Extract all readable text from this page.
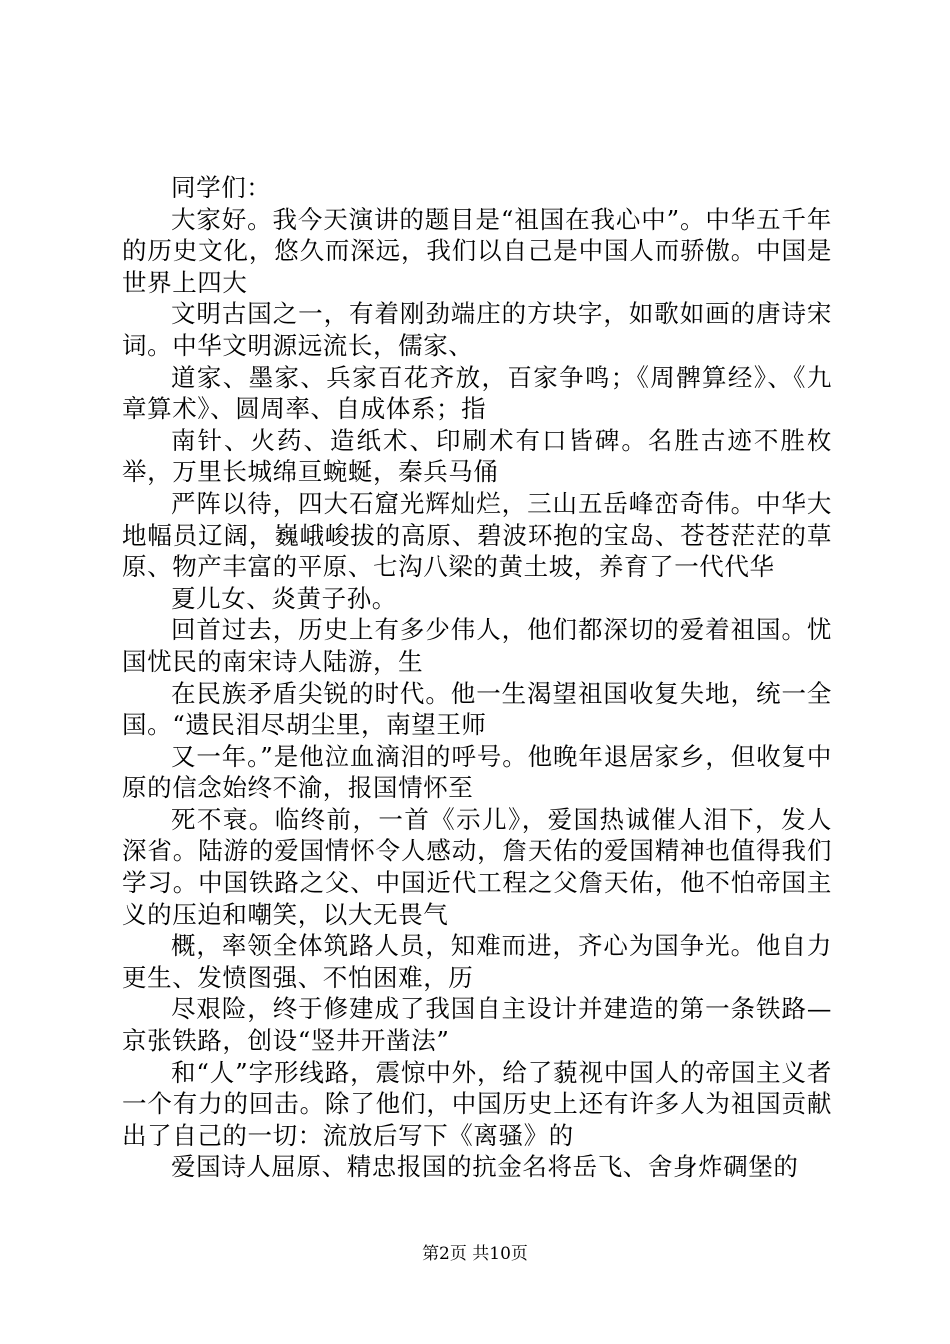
同学们：

大家好。我今天演讲的题目是“祖国在我心中”。中华五千年的历史文化，悠久而深远，我们以自己是中国人而骄傲。中国是世界上四大

文明古国之一，有着刚劲端庄的方块字，如歌如画的唐诗宋词。中华文明源远流长，儒家、

道家、墨家、兵家百花齐放，百家争鸣；《周髀算经》、《九章算术》、圆周率、自成体系；指

南针、火药、造纸术、印刷术有口皆碑。名胜古迹不胜枚举，万里长城绵亘蜿蜒，秦兵马俑

严阵以待，四大石窟光辉灿烂，三山五岳峰峦奇伟。中华大地幅员辽阔，巍峨峻拔的高原、碧波环抱的宝岛、苍苍茫茫的草原、物产丰富的平原、七沟八梁的黄土坡，养育了一代代华

夏儿女、炎黄子孙。

回首过去，历史上有多少伟人，他们都深切的爱着祖国。忧国忧民的南宋诗人陆游，生

在民族矛盾尖锐的时代。他一生渴望祖国收复失地，统一全国。“遗民泪尽胡尘里，南望王师

又一年。”是他泣血滴泪的呼号。他晚年退居家乡，但收复中原的信念始终不渝，报国情怀至

死不衰。临终前，一首《示儿》，爱国热诚催人泪下，发人深省。陆游的爱国情怀令人感动，詹天佑的爱国精神也值得我们学习。中国铁路之父、中国近代工程之父詹天佑，他不怕帝国主义的压迫和嘲笑，以大无畏气

概，率领全体筑路人员，知难而进，齐心为国争光。他自力更生、发愤图强、不怕困难，历

尽艰险，终于修建成了我国自主设计并建造的第一条铁路—京张铁路，创设“竖井开凿法”

和“人”字形线路，震惊中外，给了藐视中国人的帝国主义者一个有力的回击。除了他们，中国历史上还有许多人为祖国贡献出了自己的一切：流放后写下《离骚》的

爱国诗人屈原、精忠报国的抗金名将岳飞、舍身炸碉堡的

第2页 共10页
